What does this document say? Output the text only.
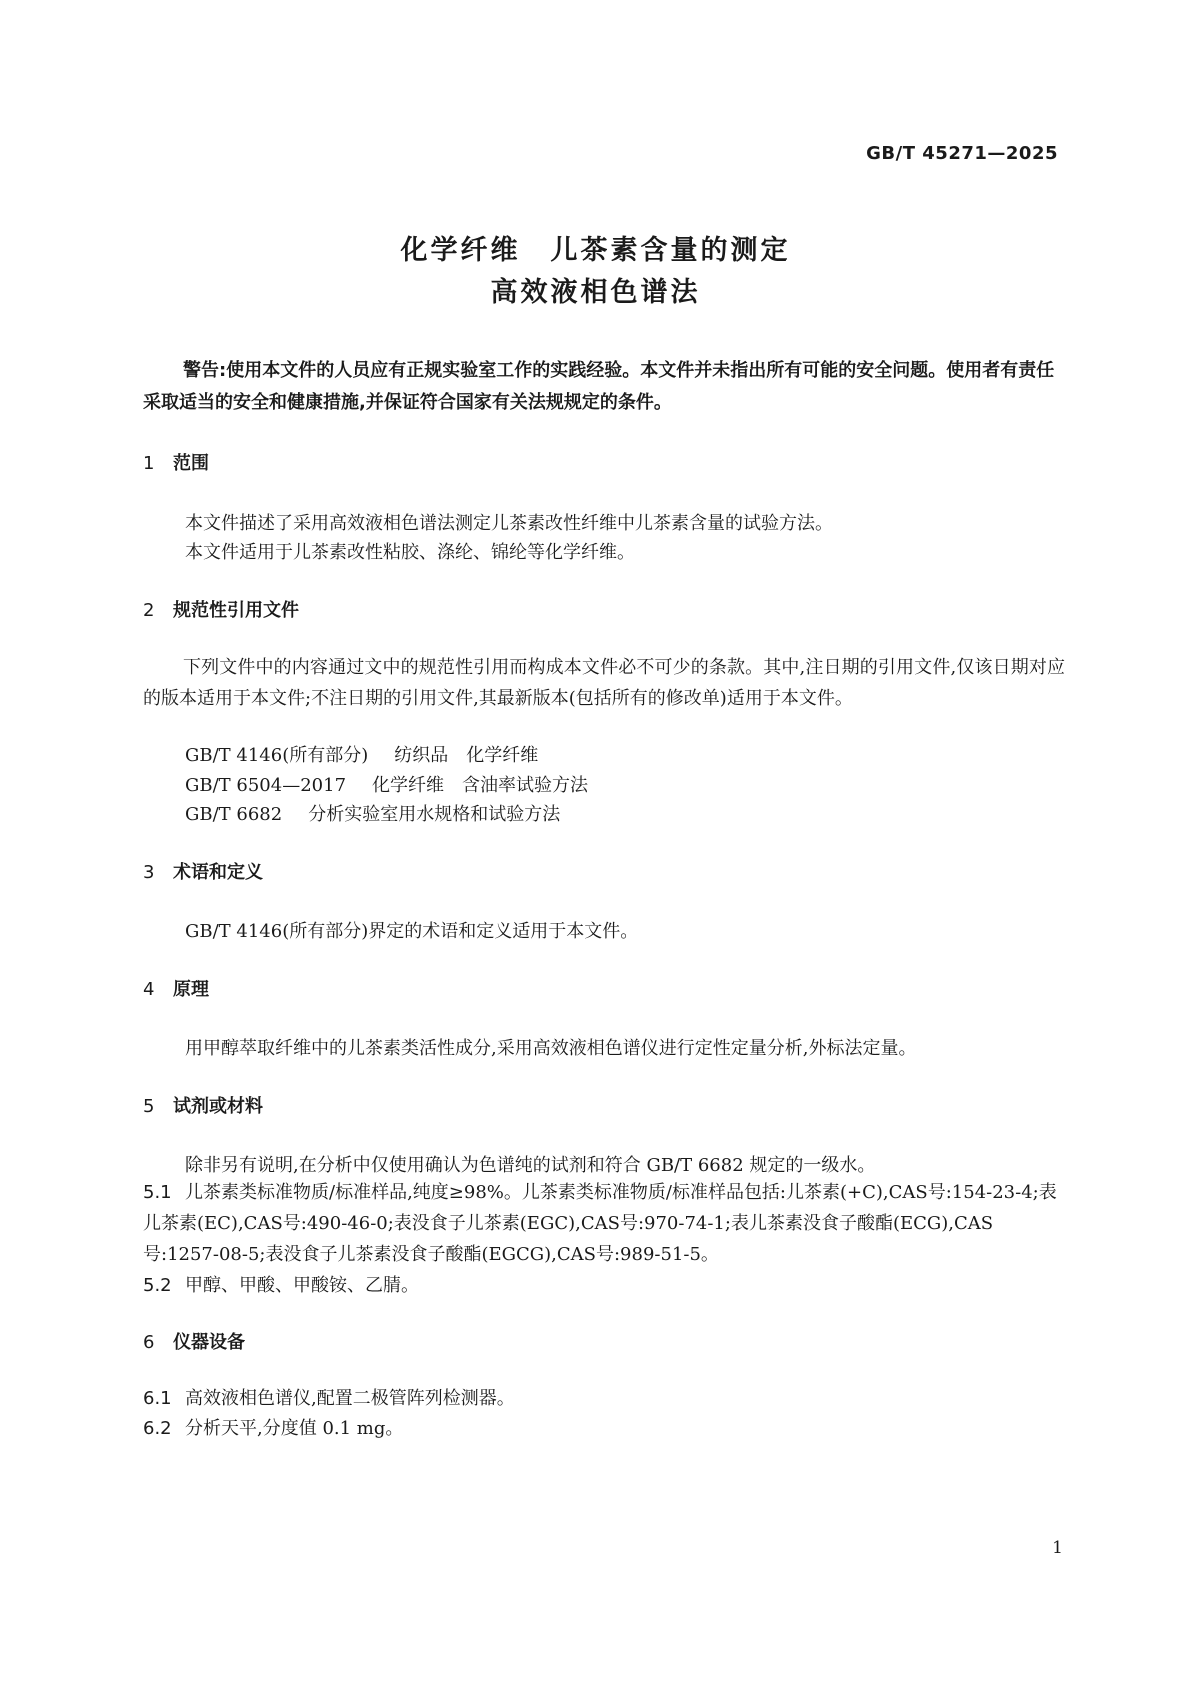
GB/T 45271—2025
化学纤维　儿茶素含量的测定
高效液相色谱法
警告:使用本文件的人员应有正规实验室工作的实践经验。本文件并未指出所有可能的安全问题。使用者有责任采取适当的安全和健康措施,并保证符合国家有关法规规定的条件。
1 范围
本文件描述了采用高效液相色谱法测定儿茶素改性纤维中儿茶素含量的试验方法。
本文件适用于儿茶素改性粘胶、涤纶、锦纶等化学纤维。
2 规范性引用文件
下列文件中的内容通过文中的规范性引用而构成本文件必不可少的条款。其中,注日期的引用文件,仅该日期对应的版本适用于本文件;不注日期的引用文件,其最新版本(包括所有的修改单)适用于本文件。
GB/T 4146(所有部分) 纺织品　化学纤维
GB/T 6504—2017 化学纤维　含油率试验方法
GB/T 6682 分析实验室用水规格和试验方法
3 术语和定义
GB/T 4146(所有部分)界定的术语和定义适用于本文件。
4 原理
用甲醇萃取纤维中的儿茶素类活性成分,采用高效液相色谱仪进行定性定量分析,外标法定量。
5 试剂或材料
除非另有说明,在分析中仅使用确认为色谱纯的试剂和符合 GB/T 6682 规定的一级水。
5.1 儿茶素类标准物质/标准样品,纯度≥98%。儿茶素类标准物质/标准样品包括:儿茶素(+C),CAS号:154-23-4;表儿茶素(EC),CAS号:490-46-0;表没食子儿茶素(EGC),CAS号:970-74-1;表儿茶素没食子酸酯(ECG),CAS号:1257-08-5;表没食子儿茶素没食子酸酯(EGCG),CAS号:989-51-5。
5.2 甲醇、甲酸、甲酸铵、乙腈。
6 仪器设备
6.1 高效液相色谱仪,配置二极管阵列检测器。
6.2 分析天平,分度值 0.1 mg。
1
